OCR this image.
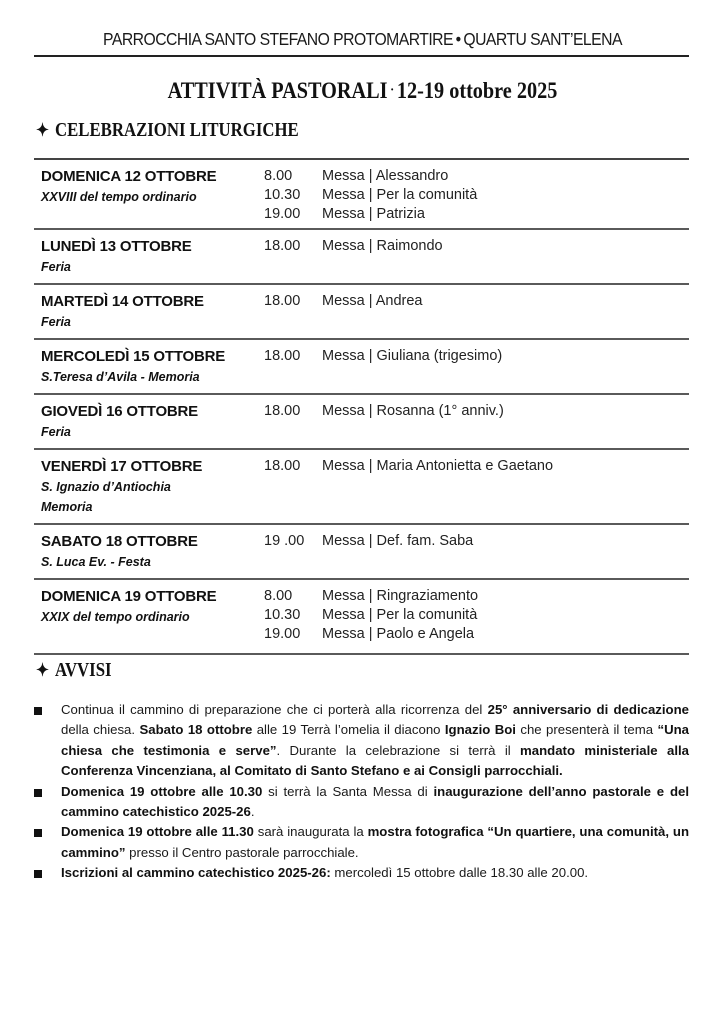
PARROCCHIA SANTO STEFANO PROTOMARTIRE • QUARTU SANT’ELENA
ATTIVITÀ PASTORALI · 12-19 ottobre 2025
✦ CELEBRAZIONI LITURGICHE
DOMENICA 12 OTTOBRE
XXVIII del tempo ordinario
8.00 Messa | Alessandro
10.30 Messa | Per la comunità
19.00 Messa | Patrizia
LUNEDÌ 13 OTTOBRE
Feria
18.00 Messa | Raimondo
MARTEDÌ 14 OTTOBRE
Feria
18.00 Messa | Andrea
MERCOLEDÌ 15 OTTOBRE
S.Teresa d’Avila - Memoria
18.00 Messa | Giuliana (trigesimo)
GIOVEDÌ 16 OTTOBRE
Feria
18.00 Messa | Rosanna (1° anniv.)
VENERDÌ 17 OTTOBRE
S. Ignazio d’Antiochia
Memoria
18.00 Messa | Maria Antonietta e Gaetano
SABATO 18 OTTOBRE
S. Luca Ev. - Festa
19 .00 Messa | Def. fam. Saba
DOMENICA 19 OTTOBRE
XXIX del tempo ordinario
8.00 Messa | Ringraziamento
10.30 Messa | Per la comunità
19.00 Messa | Paolo e Angela
✦ AVVISI
Continua il cammino di preparazione che ci porterà alla ricorrenza del 25° anniversario di dedicazione della chiesa. Sabato 18 ottobre alle 19 Terrà l’omelia il diacono Ignazio Boi che presenterà il tema “Una chiesa che testimonia e serve”. Durante la celebrazione si terrà il mandato ministeriale alla Conferenza Vincenziana, al Comitato di Santo Stefano e ai Consigli parrocchiali.
Domenica 19 ottobre alle 10.30 si terrà la Santa Messa di inaugurazione dell’anno pastorale e del cammino catechistico 2025-26.
Domenica 19 ottobre alle 11.30 sarà inaugurata la mostra fotografica “Un quartiere, una comunità, un cammino” presso il Centro pastorale parrocchiale.
Iscrizioni al cammino catechistico 2025-26: mercoledì 15 ottobre dalle 18.30 alle 20.00.
